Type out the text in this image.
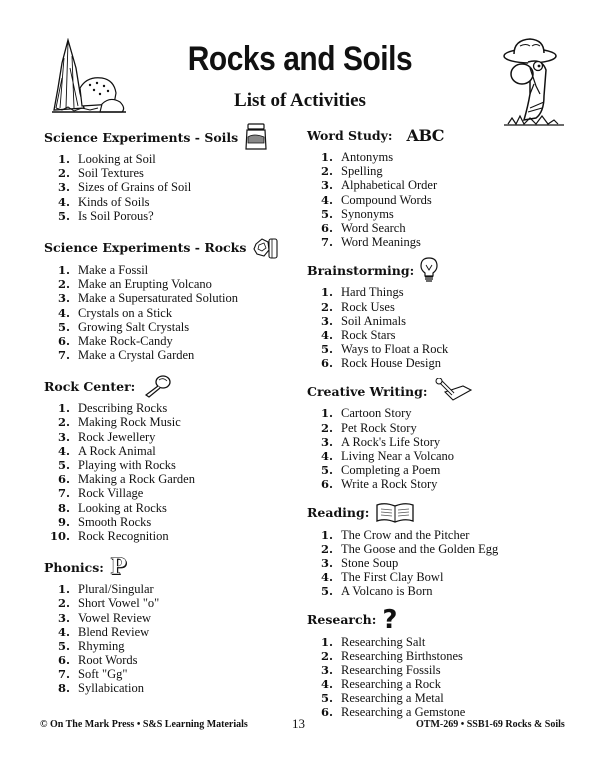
Rocks and Soils
List of Activities
Science Experiments - Soils
1. Looking at Soil
2. Soil Textures
3. Sizes of Grains of Soil
4. Kinds of Soils
5. Is Soil Porous?
Science Experiments - Rocks
1. Make a Fossil
2. Make an Erupting Volcano
3. Make a Supersaturated Solution
4. Crystals on a Stick
5. Growing Salt Crystals
6. Make Rock-Candy
7. Make a Crystal Garden
Rock Center:
1. Describing Rocks
2. Making Rock Music
3. Rock Jewellery
4. A Rock Animal
5. Playing with Rocks
6. Making a Rock Garden
7. Rock Village
8. Looking at Rocks
9. Smooth Rocks
10. Rock Recognition
Phonics: P
1. Plural/Singular
2. Short Vowel "o"
3. Vowel Review
4. Blend Review
5. Rhyming
6. Root Words
7. Soft "Gg"
8. Syllabication
Word Study: ABC
1. Antonyms
2. Spelling
3. Alphabetical Order
4. Compound Words
5. Synonyms
6. Word Search
7. Word Meanings
Brainstorming:
1. Hard Things
2. Rock Uses
3. Soil Animals
4. Rock Stars
5. Ways to Float a Rock
6. Rock House Design
Creative Writing:
1. Cartoon Story
2. Pet Rock Story
3. A Rock's Life Story
4. Living Near a Volcano
5. Completing a Poem
6. Write a Rock Story
Reading:
1. The Crow and the Pitcher
2. The Goose and the Golden Egg
3. Stone Soup
4. The First Clay Bowl
5. A Volcano is Born
Research: ?
1. Researching Salt
2. Researching Birthstones
3. Researching Fossils
4. Researching a Rock
5. Researching a Metal
6. Researching a Gemstone
© On The Mark Press • S&S Learning Materials	13	OTM-269 • SSB1-69 Rocks & Soils
